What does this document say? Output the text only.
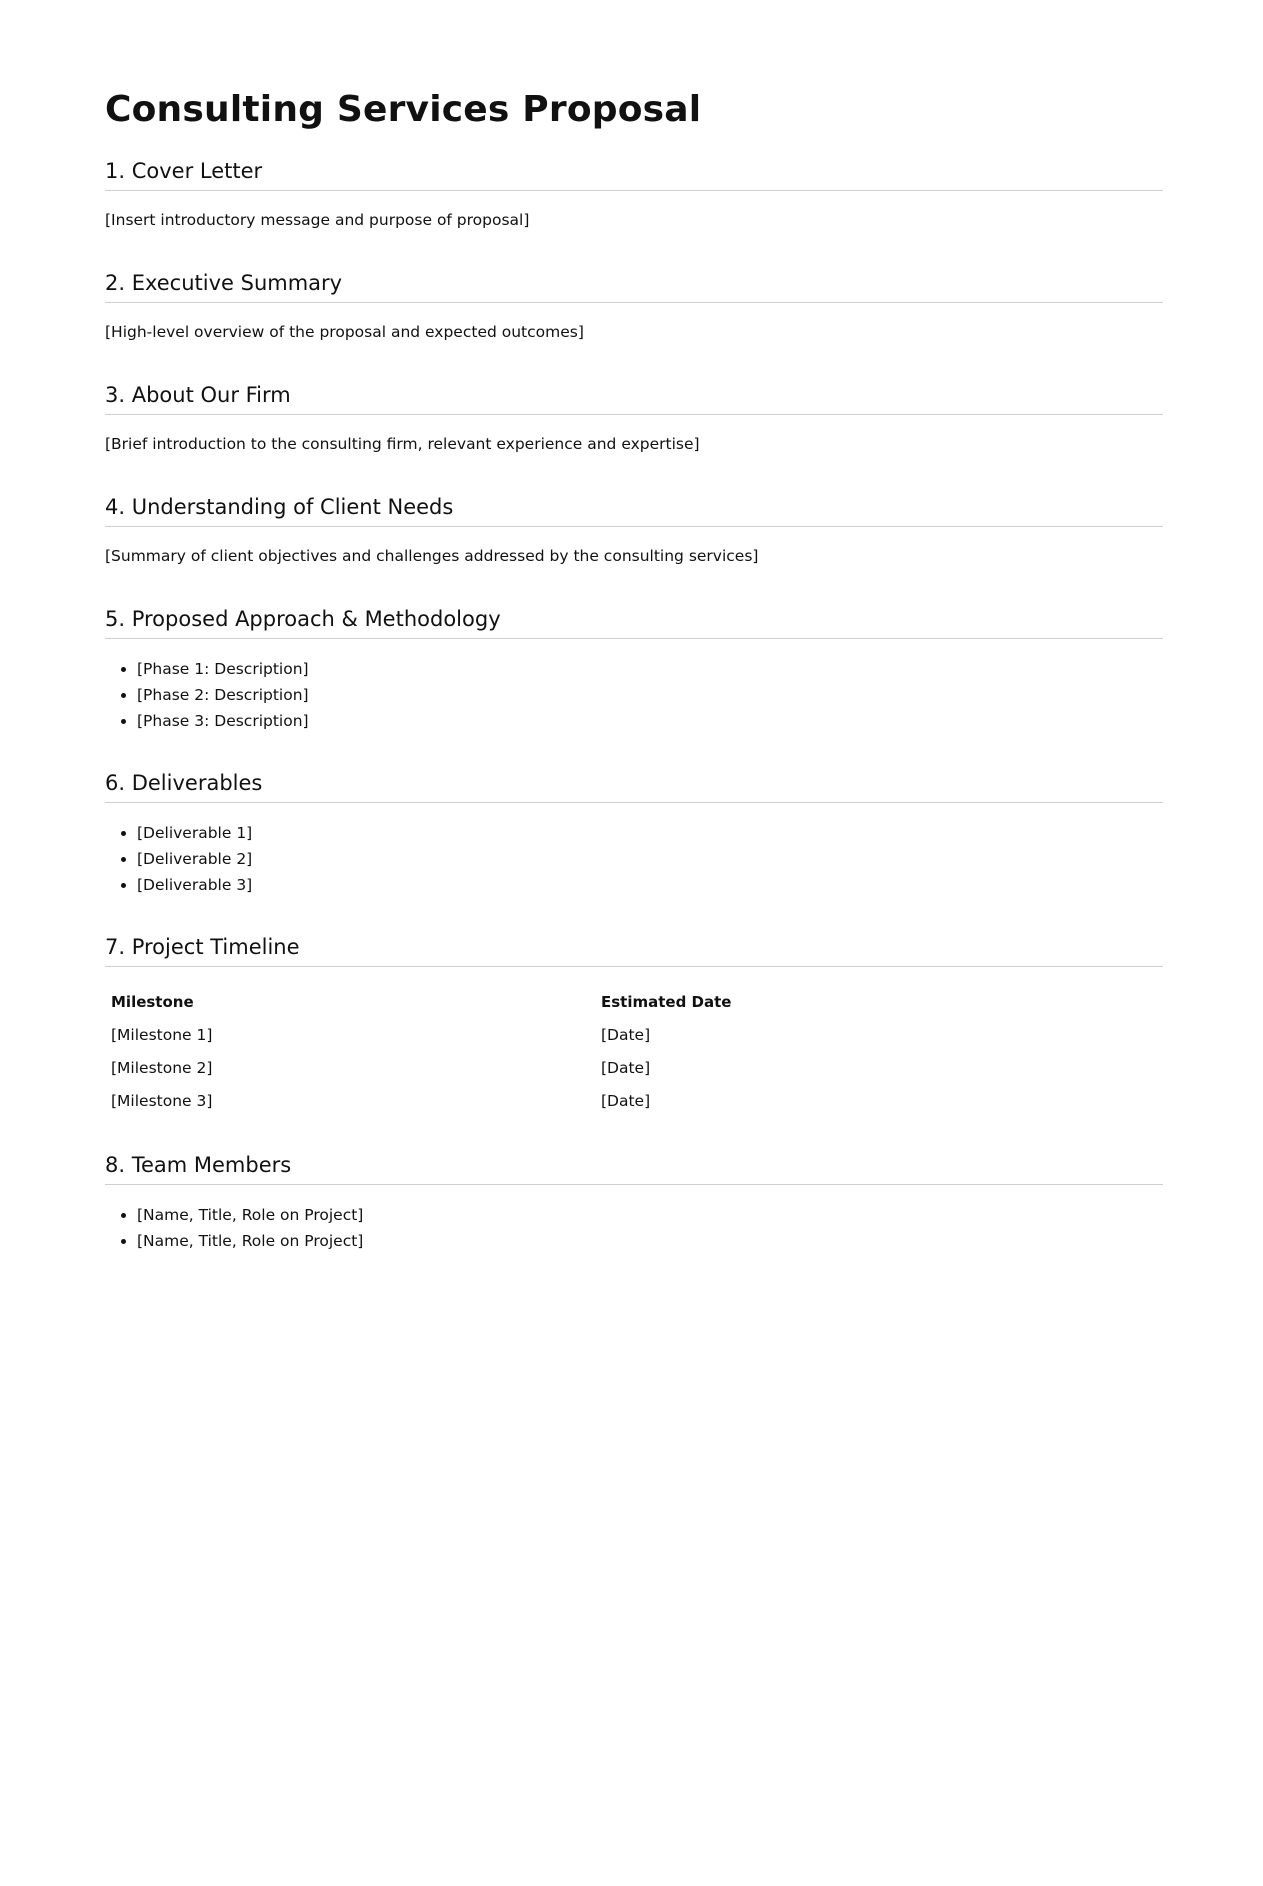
Consulting Services Proposal
1. Cover Letter

[Insert introductory message and purpose of proposal]

2. Executive Summary

[High-level overview of the proposal and expected outcomes]

3. About Our Firm

[Brief introduction to the consulting firm, relevant experience and expertise]

4. Understanding of Client Needs

[Summary of client objectives and challenges addressed by the consulting services]

5. Proposed Approach & Methodology
• [Phase 1: Description]
• [Phase 2: Description]
• [Phase 3: Description]
6. Deliverables
• [Deliverable 1]
• [Deliverable 2]
• [Deliverable 3]
7. Project Timeline
Milestone	Estimated Date
[Milestone 1]	[Date]
[Milestone 2]	[Date]
[Milestone 3]	[Date]
8. Team Members
• [Name, Title, Role on Project]
• [Name, Title, Role on Project]
